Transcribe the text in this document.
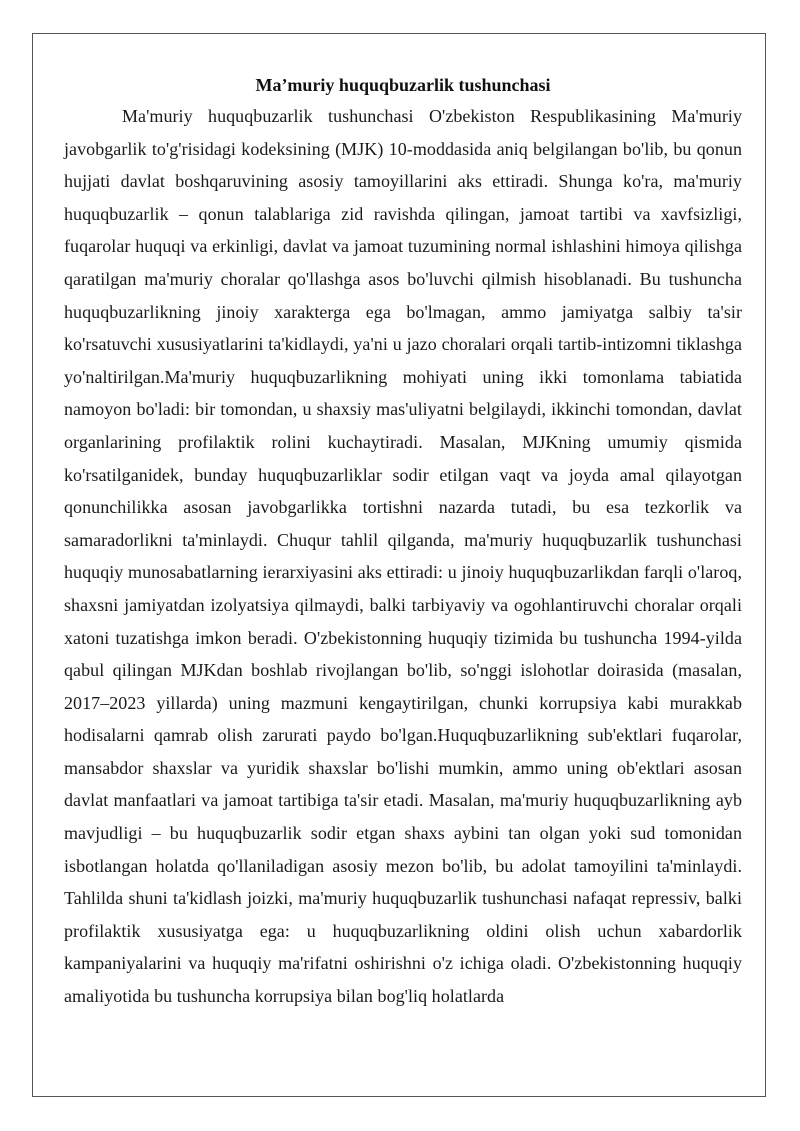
Ma’muriy huquqbuzarlik tushunchasi

Ma'muriy huquqbuzarlik tushunchasi O'zbekiston Respublikasining Ma'muriy javobgarlik to'g'risidagi kodeksining (MJK) 10-moddasida aniq belgilangan bo'lib, bu qonun hujjati davlat boshqaruvining asosiy tamoyillarini aks ettiradi. Shunga ko'ra, ma'muriy huquqbuzarlik – qonun talablariga zid ravishda qilingan, jamoat tartibi va xavfsizligi, fuqarolar huquqi va erkinligi, davlat va jamoat tuzumining normal ishlashini himoya qilishga qaratilgan ma'muriy choralar qo'llashga asos bo'luvchi qilmish hisoblanadi. Bu tushuncha huquqbuzarlikning jinoiy xarakterga ega bo'lmagan, ammo jamiyatga salbiy ta'sir ko'rsatuvchi xususiyatlarini ta'kidlaydi, ya'ni u jazo choralari orqali tartib-intizomni tiklashga yo'naltirilgan.Ma'muriy huquqbuzarlikning mohiyati uning ikki tomonlama tabiatida namoyon bo'ladi: bir tomondan, u shaxsiy mas'uliyatni belgilaydi, ikkinchi tomondan, davlat organlarining profilaktik rolini kuchaytiradi. Masalan, MJKning umumiy qismida ko'rsatilganidek, bunday huquqbuzarliklar sodir etilgan vaqt va joyda amal qilayotgan qonunchilikka asosan javobgarlikka tortishni nazarda tutadi, bu esa tezkorlik va samaradorlikni ta'minlaydi. Chuqur tahlil qilganda, ma'muriy huquqbuzarlik tushunchasi huquqiy munosabatlarning ierarxiyasini aks ettiradi: u jinoiy huquqbuzarlikdan farqli o'laroq, shaxsni jamiyatdan izolyatsiya qilmaydi, balki tarbiyaviy va ogohlantiruvchi choralar orqali xatoni tuzatishga imkon beradi. O'zbekistonning huquqiy tizimida bu tushuncha 1994-yilda qabul qilingan MJKdan boshlab rivojlangan bo'lib, so'nggi islohotlar doirasida (masalan, 2017–2023 yillarda) uning mazmuni kengaytirilgan, chunki korrupsiya kabi murakkab hodisalarni qamrab olish zarurati paydo bo'lgan.Huquqbuzarlikning sub'ektlari fuqarolar, mansabdor shaxslar va yuridik shaxslar bo'lishi mumkin, ammo uning ob'ektlari asosan davlat manfaatlari va jamoat tartibiga ta'sir etadi. Masalan, ma'muriy huquqbuzarlikning ayb mavjudligi – bu huquqbuzarlik sodir etgan shaxs aybini tan olgan yoki sud tomonidan isbotlangan holatda qo'llaniladigan asosiy mezon bo'lib, bu adolat tamoyilini ta'minlaydi. Tahlilda shuni ta'kidlash joizki, ma'muriy huquqbuzarlik tushunchasi nafaqat repressiv, balki profilaktik xususiyatga ega: u huquqbuzarlikning oldini olish uchun xabardorlik kampaniyalarini va huquqiy ma'rifatni oshirishni o'z ichiga oladi. O'zbekistonning huquqiy amaliyotida bu tushuncha korrupsiya bilan bog'liq holatlarda
